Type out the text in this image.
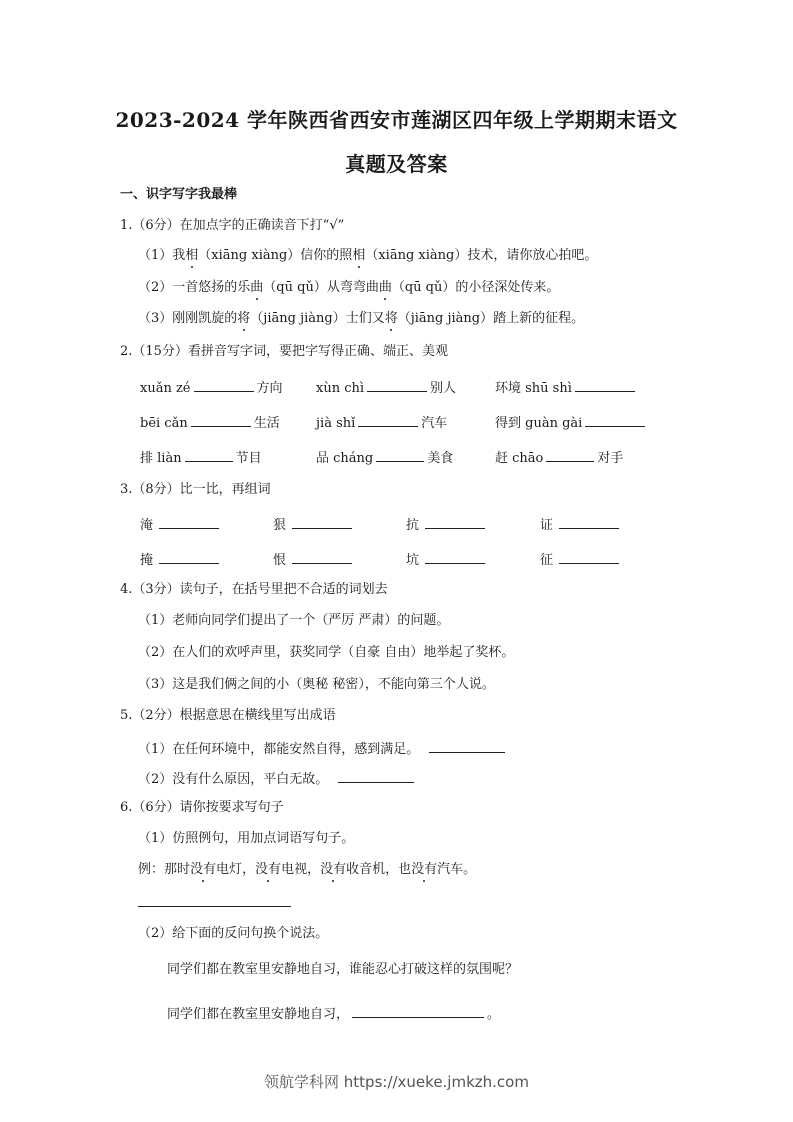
2023-2024 学年陕西省西安市莲湖区四年级上学期期末语文
真题及答案
一、识字写字我最棒
1.（6分）在加点字的正确读音下打“√”
（1）我相（xiāng xiàng）信你的照相（xiāng xiàng）技术，请你放心拍吧。
（2）一首悠扬的乐曲（qū qǔ）从弯弯曲曲（qū qǔ）的小径深处传来。
（3）刚刚凯旋的将（jiāng jiàng）士们又将（jiāng jiàng）踏上新的征程。
2.（15分）看拼音写字词，要把字写得正确、端正、美观
xuǎn zé	方向	xùn chì	别人	环境 shū shì
bēi cǎn	生活	jià shǐ	汽车	得到 guàn gài
排 liàn	节目	品 cháng	美食	赶 chāo	对手
3.（8分）比一比，再组词
淹	狠	抗	证
掩	恨	坑	征
4.（3分）读句子，在括号里把不合适的词划去
（1）老师向同学们提出了一个（严厉 严肃）的问题。
（2）在人们的欢呼声里，获奖同学（自豪 自由）地举起了奖杯。
（3）这是我们俩之间的小（奥秘 秘密），不能向第三个人说。
5.（2分）根据意思在横线里写出成语
（1）在任何环境中，都能安然自得，感到满足。
（2）没有什么原因，平白无故。
6.（6分）请你按要求写句子
（1）仿照例句，用加点词语写句子。
例：那时没有电灯，没有电视，没有收音机，也没有汽车。
（2）给下面的反问句换个说法。
同学们都在教室里安静地自习，谁能忍心打破这样的氛围呢？
同学们都在教室里安静地自习，	。
领航学科网 https://xueke.jmkzh.com
